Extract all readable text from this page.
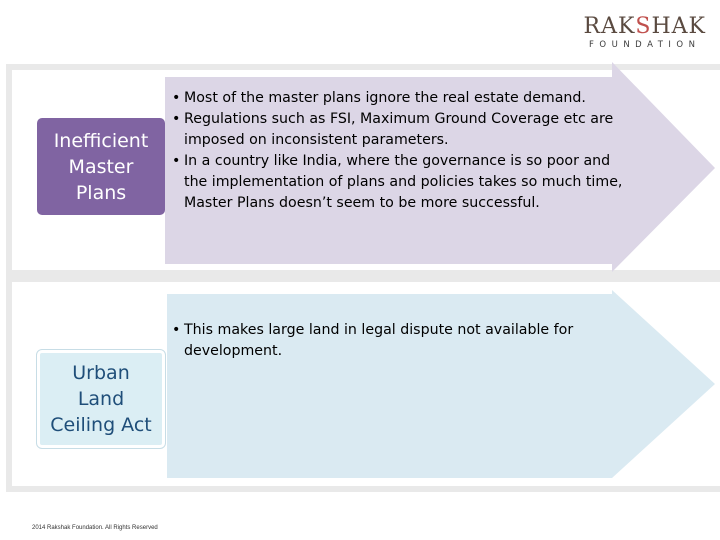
RAKSHAK
FOUNDATION
Inefficient
Master
Plans
Urban
Land
Ceiling Act
• Most of the master plans ignore the real estate demand.
• Regulations such as FSI, Maximum Ground Coverage etc are imposed on inconsistent parameters.
• In a country like India, where the governance is so poor and the implementation of plans and policies takes so much time, Master Plans doesn’t seem to be more successful.
• This makes large land in legal dispute not available for development.
2014 Rakshak Foundation. All Rights Reserved
